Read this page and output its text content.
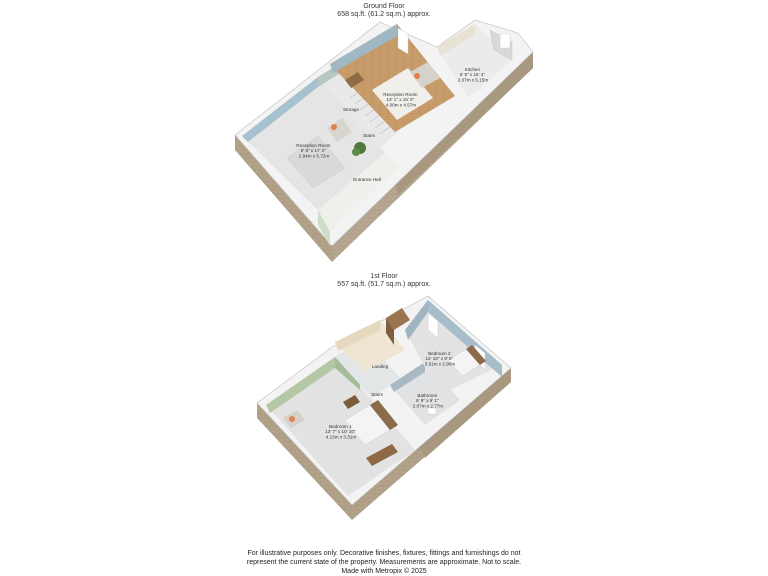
Ground Floor
658 sq.ft. (61.2 sq.m.) approx.
1st Floor
557 sq.ft. (51.7 sq.m.) approx.
Kitchen 6' 9" x 16' 4" 2.07m x 5.15m
Reception Room 13' 1" x 15' 0" 4.00m x 4.57m
Storage
Stairs
Reception Room 9' 8" x 17' 2" 2.94m x 5.72m
Entrance Hall
Bedroom 2 12' 10" x 9' 6" 3.91m x 2.90m
Landing
Stairs	Bathroom 6' 9" x 9' 1" 2.07m x 2.77m
Bedroom 1 13' 7" x 10' 10" 4.13m x 3.31m
For illustrative purposes only. Decorative finishes, fixtures, fittings and furnishings do not
represent the current state of the property. Measurements are approximate. Not to scale.
Made with Metropix © 2025
